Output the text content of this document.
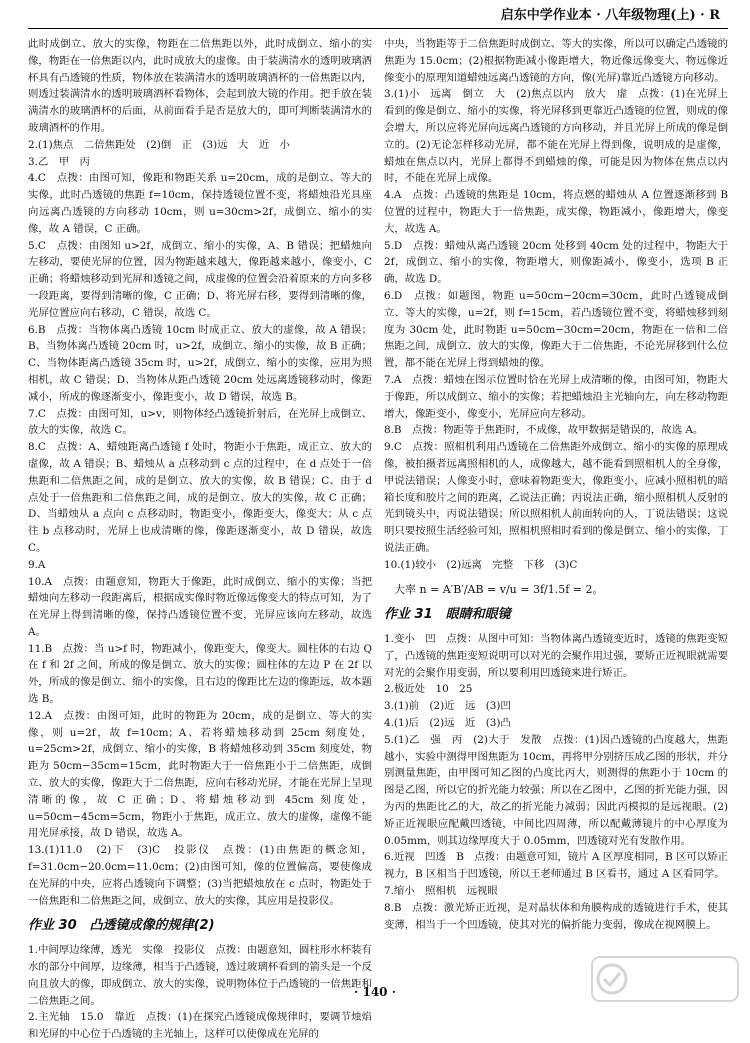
启东中学作业本 · 八年级物理(上) · R

此时成倒立、放大的实像，物距在二倍焦距以外，此时成倒立、缩小的实像，物距在一倍焦距以内，此时成放大的虚像。由于装满清水的透明玻璃酒杯具有凸透镜的性质，物体放在装满清水的透明玻璃酒杯的一倍焦距以内，则透过装满清水的透明玻璃酒杯看物体，会起到放大镜的作用。把手放在装满清水的玻璃酒杯的后面，从前面看手是否是放大的，即可判断装满清水的玻璃酒杯的作用。

2.(1)焦点　二倍焦距处　(2)倒　正　(3)远　大　近　小

3.乙　甲　丙

4.C　点拨：由图可知，像距和物距关系 u=20cm，成的是倒立、等大的实像，此时凸透镜的焦距 f=10cm，保持透镜位置不变，将蜡烛沿光具座向远离凸透镜的方向移动 10cm，则 u=30cm>2f，成倒立、缩小的实像，故 A 错误，C 正确。

5.C　点拨：由图知 u>2f，成倒立、缩小的实像，A、B 错误；把蜡烛向左移动，要使光屏的位置，因为物距越来越大，像距越来越小，像变小，C 正确；将蜡烛移动到光屏和透镜之间，成虚像的位置会沿着原来的方向多移一段距离，要得到清晰的像，C 正确；D、将光屏右移，要得到清晰的像，光屏位置应向右移动，C 错误，故选 C。

6.B　点拨：当物体离凸透镜 10cm 时成正立、放大的虚像，故 A 错误；B、当物体离凸透镜 20cm 时，u>2f，成倒立、缩小的实像，故 B 正确；C、当物体距离凸透镜 35cm 时，u>2f，成倒立、缩小的实像，应用为照相机，故 C 错误；D、当物体从距凸透镜 20cm 处远离透镜移动时，像距减小，所成的像逐渐变小，像距变小，故 D 错误，故选 B。

7.C　点拨：由图可知，u>v，则物体经凸透镜折射后，在光屏上成倒立、放大的实像，故选 C。

8.C　点拨：A、蜡烛距离凸透镜 f 处时，物距小于焦距，成正立、放大的虚像，故 A 错误；B、蜡烛从 a 点移动到 c 点的过程中，在 d 点处于一倍焦距和二倍焦距之间，成的是倒立、放大的实像，故 B 错误；C、由于 d 点处于一倍焦距和二倍焦距之间，成的是倒立、放大的实像，故 C 正确；D、当蜡烛从 a 点向 c 点移动时，物距变小，像距变大，像变大；从 c 点往 b 点移动时，光屏上也成清晰的像，像距逐渐变小，故 D 错误，故选 C。

9.A

10.A　点拨：由题意知，物距大于像距，此时成倒立、缩小的实像；当把蜡烛向左移动一段距离后，根据成实像时物近像远像变大的特点可知，为了在光屏上得到清晰的像，保持凸透镜位置不变，光屏应该向左移动，故选 A。

11.B　点拨：当 u>f 时，物距减小，像距变大，像变大。圆柱体的右边 Q 在 f 和 2f 之间，所成的像是倒立、放大的实像；圆柱体的左边 P 在 2f 以外，所成的像是倒立、缩小的实像，且右边的像距比左边的像距远，故本题选 B。

12.A　点拨：由图可知，此时的物距为 20cm，成的是倒立、等大的实像，则 u=2f，故 f=10cm；A、若将蜡烛移动到 25cm 刻度处，u=25cm>2f，成倒立、缩小的实像，B 将蜡烛移动到 35cm 刻度处，物距为 50cm−35cm=15cm，此时物距大于一倍焦距小于二倍焦距，成倒立、放大的实像，像距大于二倍焦距，应向右移动光屏，才能在光屏上呈现清晰的像，故 C 正确；D、将蜡烛移动到 45cm 刻度处，u=50cm−45cm=5cm，物距小于焦距，成正立、放大的虚像，虚像不能用光屏承接，故 D 错误，故选 A。

13.(1)11.0　(2)下　(3)C　投影仪　点拨：(1)由焦距的概念知，f=31.0cm−20.0cm=11.0cm；(2)由图可知，像的位置偏高，要使像成在光屏的中央，应将凸透镜向下调整；(3)当把蜡烛放在 c 点时，物距处于一倍焦距和二倍焦距之间，成倒立、放大的实像，其应用是投影仪。

作业 30　凸透镜成像的规律(2)

1.中间厚边缘薄，透光　实像　投影仪　点拨：由题意知，圆柱形水杯装有水的部分中间厚，边缘薄，相当于凸透镜，透过玻璃杯看到的箭头是一个反向且放大的像，即成倒立、放大的实像，说明物体位于凸透镜的一倍焦距和二倍焦距之间。

2.主光轴　15.0　靠近　点拨：(1)在探究凸透镜成像规律时，要调节烛焰和光屏的中心位于凸透镜的主光轴上，这样可以使像成在光屏的

中央，当物距等于二倍焦距时成倒立、等大的实像，所以可以确定凸透镜的焦距为 15.0cm；(2)根据物距减小像距增大，物近像远像变大、物远像近像变小的原理知道蜡烛远离凸透镜的方向，像(光屏)靠近凸透镜方向移动。

3.(1)小　远离　倒立　大　(2)焦点以内　放大　虚　点拨：(1)在光屏上看到的像是倒立、缩小的实像，将光屏移到更靠近凸透镜的位置，则成的像会增大，所以应将光屏向远离凸透镜的方向移动，并且光屏上所成的像是倒立的。(2)无论怎样移动光屏，都不能在光屏上得到像，说明成的是虚像，蜡烛在焦点以内，光屏上都得不到蜡烛的像，可能是因为物体在焦点以内时，不能在光屏上成像。

4.A　点拨：凸透镜的焦距是 10cm，将点燃的蜡烛从 A 位置逐渐移到 B 位置的过程中，物距大于一倍焦距，成实像，物距减小，像距增大，像变大，故选 A。

5.D　点拨：蜡烛从离凸透镜 20cm 处移到 40cm 处的过程中，物距大于 2f，成倒立、缩小的实像，物距增大，则像距减小，像变小，选项 B 正确，故选 D。

6.D　点拨：如题图，物距 u=50cm−20cm=30cm，此时凸透镜成倒立、等大的实像，u=2f，则 f=15cm，若凸透镜位置不变，将蜡烛移到刻度为 30cm 处，此时物距 u=50cm−30cm=20cm，物距在一倍和二倍焦距之间，成倒立、放大的实像，像距大于二倍焦距，不论光屏移到什么位置，都不能在光屏上得到蜡烛的像。

7.A　点拨：蜡烛在图示位置时恰在光屏上成清晰的像，由图可知，物距大于像距，所以成倒立、缩小的实像；若把蜡烛沿主光轴向左，向左移动物距增大，像距变小，像变小，光屏应向左移动。

8.B　点拨：物距等于焦距时，不成像，故甲数据是错误的，故选 A。

9.C　点拨：照相机利用凸透镜在二倍焦距外成倒立、缩小的实像的原理成像，被拍摄者远离照相机的人，成像越大，越不能看到照相机人的全身像，甲说法错误；人像变小时，意味着物距变大，像距变小，应减小照相机的暗箱长度和胶片之间的距离，乙说法正确；丙说法正确，缩小照相机人反射的光到镜头中，丙说法错误；所以照相机人前面转向的人，丁说法错误；这说明只要按照生活经验可知，照相机照相时看到的像是倒立、缩小的实像，丁说法正确。

10.(1)较小　(2)远离　完整　下移　(3)C

大率 n = A′B′/AB = v/u = 3f/1.5f = 2。
作业 31　眼睛和眼镜

1.变小　凹　点拨：从图中可知：当物体离凸透镜变近时，透镜的焦距变短了，凸透镜的焦距变短说明可以对光的会聚作用过强，要矫正近视眼就需要对光的会聚作用变弱，所以要利用凹透镜来进行矫正。

2.极近处　10　25

3.(1)前　(2)近　远　(3)凹

4.(1)后　(2)远　近　(3)凸

5.(1)乙　强　丙　(2)大于　发散　点拨：(1)因凸透镜的凸度越大，焦距越小，实验中测得甲图焦距为 10cm，再将甲分别挤压成乙图的形状，并分别测量焦距，由甲图可知乙图的凸度比丙大，则测得的焦距小于 10cm 的图是乙图，所以它的折光能力较强；所以在乙图中，乙图的折光能力强，因为丙的焦距比乙的大，故乙的折光能力减弱；因此丙模拟的是远视眼。(2)矫正近视眼应配戴凹透镜，中间比四周薄，所以配戴薄镜片的中心厚度为 0.05mm，则其边缘厚度大于 0.05mm，凹透镜对光有发散作用。

6.近视　凹透　B　点拨：由题意可知，镜片 A 区厚度相同，B 区可以矫正视力，B 区相当于凹透镜，所以王老师通过 B 区看书，通过 A 区看同学。

7.缩小　照相机　远视眼

8.B　点拨：激光矫正近视，是对晶状体和角膜构成的透镜进行手术，使其变薄，相当于一个凹透镜，使其对光的偏折能力变弱，像成在视网膜上。

· 140 ·
